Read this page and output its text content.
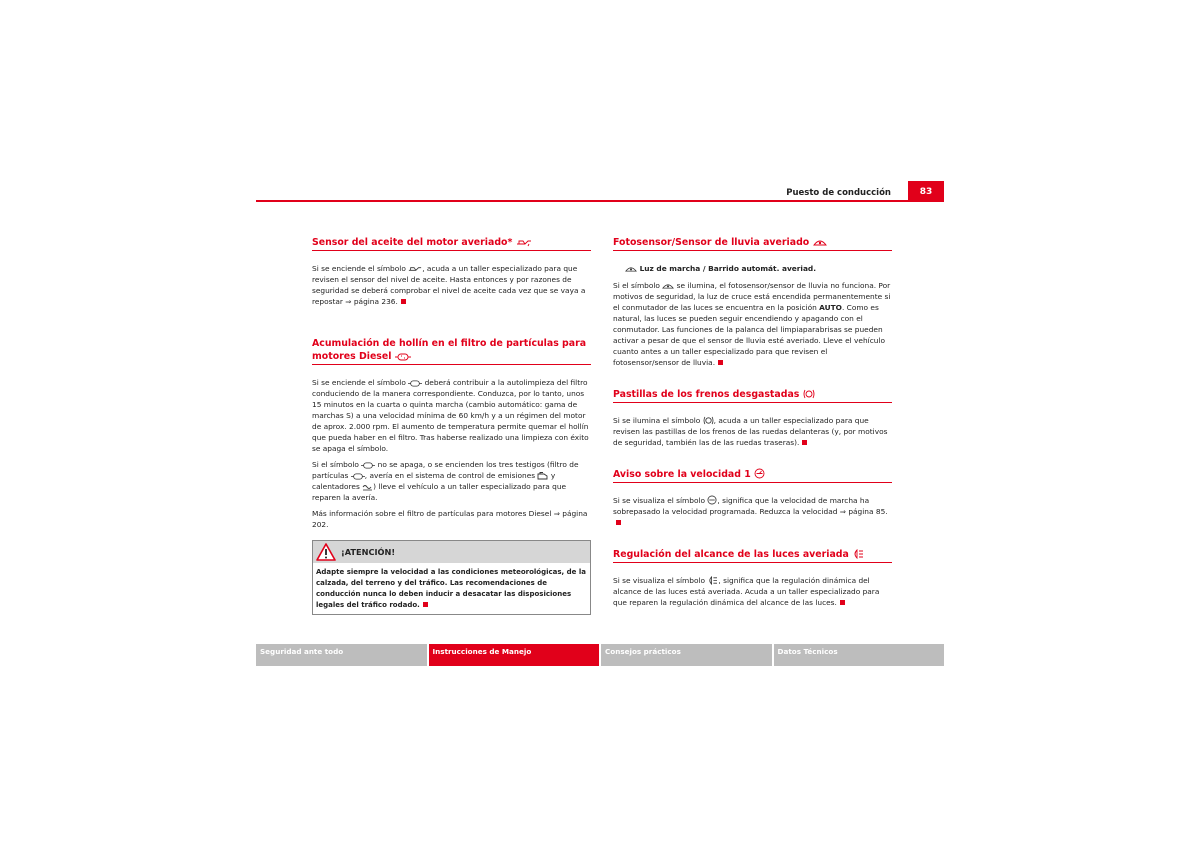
Puesto de conducción	83
Sensor del aceite del motor averiado*

Si se enciende el símbolo , acuda a un taller especializado para que revisen el sensor del nivel de aceite. Hasta entonces y por razones de seguridad se deberá comprobar el nivel de aceite cada vez que se vaya a repostar ⇒ página 236.

Acumulación de hollín en el filtro de partículas para motores Diesel

Si se enciende el símbolo	deberá contribuir a la autolimpieza del filtro conduciendo de la manera correspondiente. Conduzca, por lo tanto, unos 15 minutos en la cuarta o quinta marcha (cambio automático: gama de marchas S) a una velocidad mínima de 60 km/h y a un régimen del motor de aprox. 2.000 rpm. El aumento de temperatura permite quemar el hollín que pueda haber en el filtro. Tras haberse realizado una limpieza con éxito se apaga el símbolo.

Si el símbolo	no se apaga, o se encienden los tres testigos (filtro de partículas , avería en el sistema de control de emisiones y calentadores ) lleve el vehículo a un taller especializado para que reparen la avería.

Más información sobre el filtro de partículas para motores Diesel ⇒ página 202.

¡ATENCIÓN!
Adapte siempre la velocidad a las condiciones meteorológicas, de la calzada, del terreno y del tráfico. Las recomendaciones de conducción nunca lo deben inducir a desacatar las disposiciones legales del tráfico rodado.
Fotosensor/Sensor de lluvia averiado
Luz de marcha / Barrido automát. averiad.

Si el símbolo se ilumina, el fotosensor/sensor de lluvia no funciona. Por motivos de seguridad, la luz de cruce está encendida permanentemente si el conmutador de las luces se encuentra en la posición AUTO. Como es natural, las luces se pueden seguir encendiendo y apagando con el conmutador. Las funciones de la palanca del limpiaparabrisas se pueden activar a pesar de que el sensor de lluvia esté averiado. Lleve el vehículo cuanto antes a un taller especializado para que revisen el fotosensor/sensor de lluvia.

Pastillas de los frenos desgastadas

Si se ilumina el símbolo , acuda a un taller especializado para que revisen las pastillas de los frenos de las ruedas delanteras (y, por motivos de seguridad, también las de las ruedas traseras).

Aviso sobre la velocidad 1

Si se visualiza el símbolo , significa que la velocidad de marcha ha sobrepasado la velocidad programada. Reduzca la velocidad ⇒ página 85.

Regulación del alcance de las luces averiada

Si se visualiza el símbolo , significa que la regulación dinámica del alcance de las luces está averiada. Acuda a un taller especializado para que reparen la regulación dinámica del alcance de las luces.

Seguridad ante todo	Instrucciones de Manejo	Consejos prácticos	Datos Técnicos
